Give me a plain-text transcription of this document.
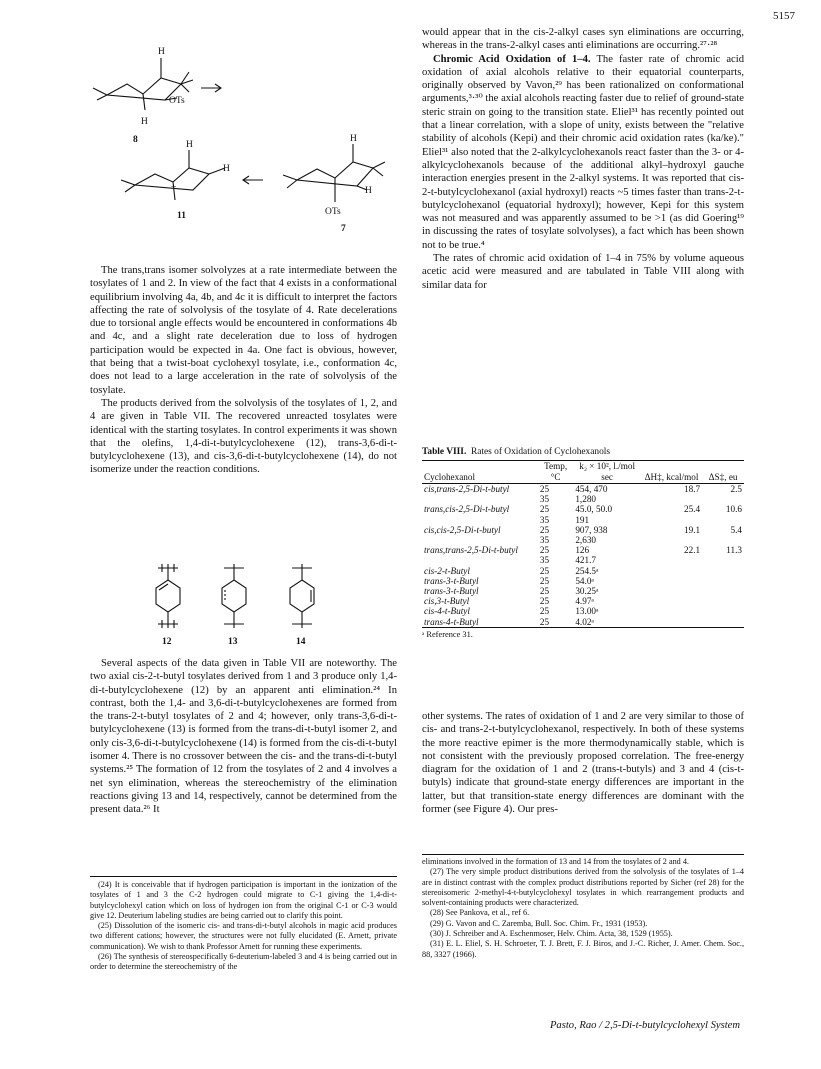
5157
H
H
OTs
H
H
+
H
H
OTs
8
11
7

The trans,trans isomer solvolyzes at a rate intermediate between the tosylates of 1 and 2. In view of the fact that 4 exists in a conformational equilibrium involving 4a, 4b, and 4c it is difficult to interpret the factors affecting the rate of solvolysis of the tosylate of 4. Rate decelerations due to torsional angle effects would be encountered in conformations 4b and 4c, and a slight rate deceleration due to loss of hydrogen participation would be expected in 4a. One fact is obvious, however, that being that a twist-boat cyclohexyl tosylate, i.e., conformation 4c, does not lead to a large acceleration in the rate of solvolysis of the tosylate.

The products derived from the solvolysis of the tosylates of 1, 2, and 4 are given in Table VII. The recovered unreacted tosylates were identical with the starting tosylates. In control experiments it was shown that the olefins, 1,4-di-t-butylcyclohexene (12), trans-3,6-di-t-butylcyclohexene (13), and cis-3,6-di-t-butylcyclohexene (14), do not isomerize under the reaction conditions.

12	13	14

Several aspects of the data given in Table VII are noteworthy. The two axial cis-2-t-butyl tosylates derived from 1 and 3 produce only 1,4-di-t-butylcyclohexene (12) by an apparent anti elimination.²⁴ In contrast, both the 1,4- and 3,6-di-t-butylcyclohexenes are formed from the trans-2-t-butyl tosylates of 2 and 4; however, only trans-3,6-di-t-butylcyclohexene (13) is formed from the trans-di-t-butyl isomer 2, and only cis-3,6-di-t-butylcyclohexene (14) is formed from the cis-di-t-butyl isomer 4. There is no crossover between the cis- and the trans-di-t-butyl systems.²⁵ The formation of 12 from the tosylates of 2 and 4 involves a net syn elimination, whereas the stereochemistry of the elimination reactions giving 13 and 14, respectively, cannot be determined from the present data.²⁶ It

(24) It is conceivable that if hydrogen participation is important in the ionization of the tosylates of 1 and 3 the C-2 hydrogen could migrate to C-1 giving the 1,4-di-t-butylcyclohexyl cation which on loss of hydrogen ion from the original C-1 or C-3 would give 12. Deuterium labeling studies are being carried out to clarify this point.

(25) Dissolution of the isomeric cis- and trans-di-t-butyl alcohols in magic acid produces two different cations; however, the structures were not fully elucidated (E. Arnett, private communication). We wish to thank Professor Arnett for running these experiments.

(26) The synthesis of stereospecifically 6-deuterium-labeled 3 and 4 is being carried out in order to determine the stereochemistry of the

would appear that in the cis-2-alkyl cases syn eliminations are occurring, whereas in the trans-2-alkyl cases anti eliminations are occurring.²⁷·²⁸

Chromic Acid Oxidation of 1–4. The faster rate of chromic acid oxidation of axial alcohols relative to their equatorial counterparts, originally observed by Vavon,²⁹ has been rationalized on conformational arguments,³·³⁰ the axial alcohols reacting faster due to relief of ground-state steric strain on going to the transition state. Eliel³¹ has recently pointed out that a linear correlation, with a slope of unity, exists between the "relative stability of alcohols (Kepi) and their chromic acid oxidation rates (ka/ke)." Eliel³¹ also noted that the 2-alkylcyclohexanols react faster than the 3- or 4-alkylcyclohexanols because of the additional alkyl–hydroxyl gauche interaction energies present in the 2-alkyl systems. It was reported that cis-2-t-butylcyclohexanol (axial hydroxyl) reacts ~5 times faster than trans-2-t-butylcyclohexanol (equatorial hydroxyl); however, Kepi for this system was not measured and was apparently assumed to be >1 (as did Goering¹⁹ in discussing the rates of tosylate solvolyses), a fact which has been shown not to be true.⁴

The rates of chromic acid oxidation of 1–4 in 75% by volume aqueous acetic acid were measured and are tabulated in Table VIII along with similar data for

Table VIII. Rates of Oxidation of Cyclohexanols
Cyclohexanol	Temp, °C	k₂ × 10², l./mol sec	ΔH‡, kcal/mol	ΔS‡, eu

cis,trans-2,5-Di-t-butyl	25	454, 470	18.7	2.5
	35	1,280		
trans,cis-2,5-Di-t-butyl	25	45.0, 50.0	25.4	10.6
	35	191		
cis,cis-2,5-Di-t-butyl	25	907, 938	19.1	5.4
	35	2,630		
trans,trans-2,5-Di-t-butyl	25	126	22.1	11.3
	35	421.7		
cis-2-t-Butyl	25	254.5ᵃ		
trans-3-t-Butyl	25	54.0ᵃ		
trans-3-t-Butyl	25	30.25ᵃ		
cis,3-t-Butyl	25	4.97ᵃ		
cis-4-t-Butyl	25	13.00ᵃ		
trans-4-t-Butyl	25	4.02ᵃ		
ᵃ Reference 31.

other systems. The rates of oxidation of 1 and 2 are very similar to those of cis- and trans-2-t-butylcyclohexanol, respectively. In both of these systems the more reactive epimer is the more thermodynamically stable, which is not consistent with the previously proposed correlation. The free-energy diagram for the oxidation of 1 and 2 (trans-t-butyls) and 3 and 4 (cis-t-butyls) indicate that ground-state energy differences are important in the latter, but that transition-state energy differences are dominant with the former (see Figure 4). Our pres-

eliminations involved in the formation of 13 and 14 from the tosylates of 2 and 4.

(27) The very simple product distributions derived from the solvolysis of the tosylates of 1–4 are in distinct contrast with the complex product distributions reported by Sicher (ref 28) for the stereoisomeric 2-methyl-4-t-butylcyclohexyl tosylates in which rearrangement products and solvent-containing products were characterized.

(28) See Pankova, et al., ref 6.

(29) G. Vavon and C. Zaremba, Bull. Soc. Chim. Fr., 1931 (1953).

(30) J. Schreiber and A. Eschenmoser, Helv. Chim. Acta, 38, 1529 (1955).

(31) E. L. Eliel, S. H. Schroeter, T. J. Brett, F. J. Biros, and J.-C. Richer, J. Amer. Chem. Soc., 88, 3327 (1966).

Pasto, Rao / 2,5-Di-t-butylcyclohexyl System
